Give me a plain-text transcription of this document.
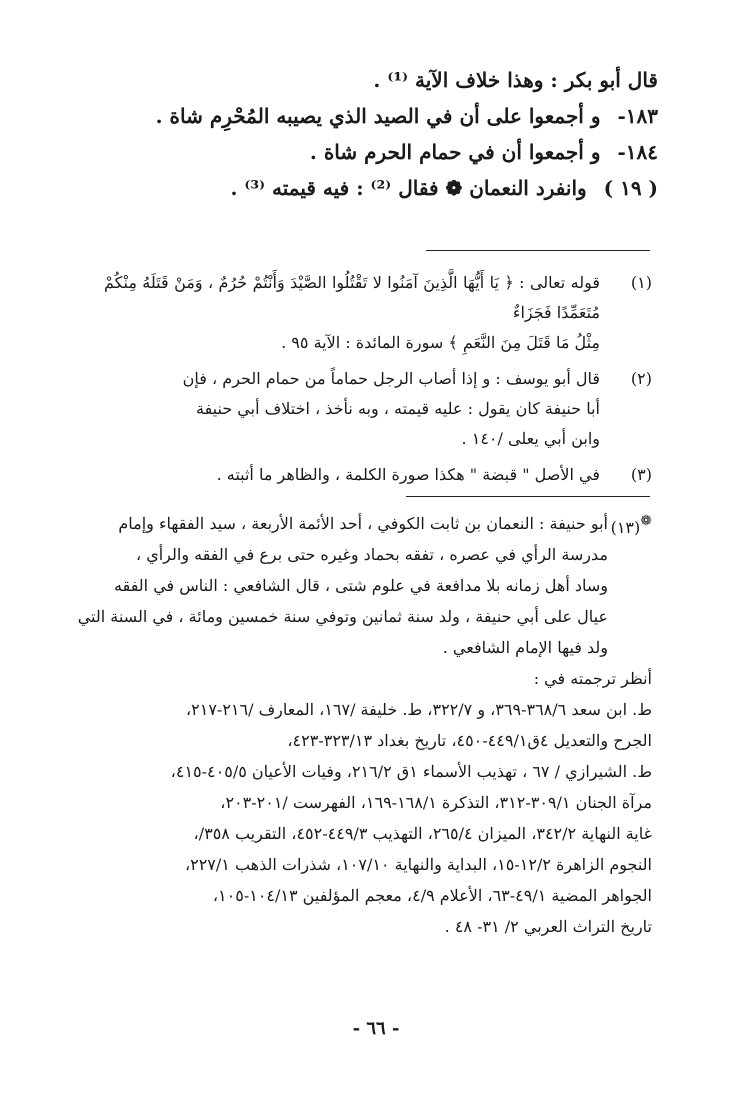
قال أبو بكر : وهذا خلاف الآية ⁽¹⁾ .
١٨٣- و أجمعوا على أن في الصيد الذي يصيبه المُحْرِم شاة .
١٨٤- و أجمعوا أن في حمام الحرم شاة .
( ١٩ ) وانفرد النعمان ❁ فقال ⁽²⁾ : فيه قيمته ⁽³⁾ .
(١)
قوله تعالى : ﴿ يَا أَيُّهَا الَّذِينَ آمَنُوا لا تَقْتُلُوا الصَّيْدَ وَأَنْتُمْ حُرُمٌ ، وَمَنْ قَتَلَهُ مِنْكُمْ مُتَعَمِّدًا فَجَزَاءٌ
مِثْلُ مَا قَتَلَ مِنَ النَّعَمِ ﴾ سورة المائدة : الآية ٩٥ .
(٢)
قال أبو يوسف : و إذا أصاب الرجل حماماً من حمام الحرم ، فإن
أبا حنيفة كان يقول : عليه قيمته ، وبه نأخذ ، اختلاف أبي حنيفة
وابن أبي يعلى /١٤٠ .
(٣)
في الأصل " قبضة " هكذا صورة الكلمة ، والظاهر ما أثبته .
❁(١٣)
أبو حنيفة : النعمان بن ثابت الكوفي ، أحد الأئمة الأربعة ، سيد الفقهاء وإمام
مدرسة الرأي في عصره ، تفقه بحماد وغيره حتى برع في الفقه والرأي ،
وساد أهل زمانه بلا مدافعة في علوم شتى ، قال الشافعي : الناس في الفقه
عيال على أبي حنيفة ، ولد سنة ثمانين وتوفي سنة خمسين ومائة ، في السنة التي
ولد فيها الإمام الشافعي .
أنظر ترجمته في :
ط. ابن سعد ٣٦٨/٦-٣٦٩، و ٣٢٢/٧، ط. خليفة /١٦٧، المعارف /٢١٦-٢١٧،
الجرح والتعديل ٤ق٤٤٩/١-٤٥٠، تاريخ بغداد ٣٢٣/١٣-٤٢٣،
ط. الشيرازي / ٦٧ ، تهذيب الأسماء ١ق ٢١٦/٢، وفيات الأعيان ٤٠٥/٥-٤١٥،
مرآة الجنان ٣٠٩/١-٣١٢، التذكرة ١٦٨/١-١٦٩، الفهرست /٢٠١-٢٠٣،
غاية النهاية ٣٤٢/٢، الميزان ٢٦٥/٤، التهذيب ٤٤٩/٣-٤٥٢، التقريب ٣٥٨/،
النجوم الزاهرة ١٢/٢-١٥، البداية والنهاية ١٠٧/١٠، شذرات الذهب ٢٢٧/١،
الجواهر المضية ٤٩/١-٦٣، الأعلام ٤/٩، معجم المؤلفين ١٠٤/١٣-١٠٥،
تاريخ التراث العربي ٢/ ٣١- ٤٨ .
- ٦٦ -
